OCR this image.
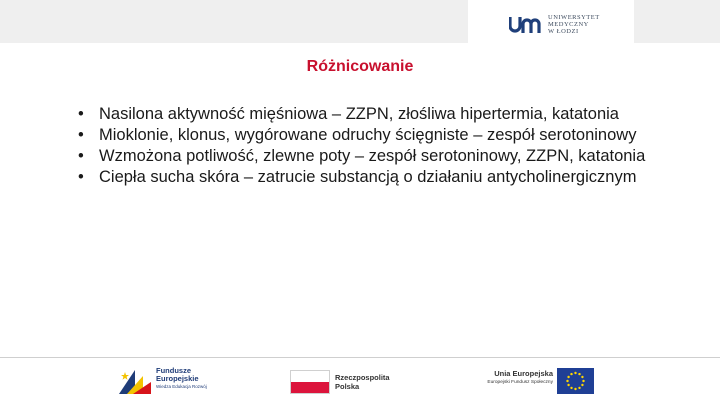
UNIWERSYTET
MEDYCZNY
W ŁODZI
Różnicowanie
• Nasilona aktywność mięśniowa – ZZPN, złośliwa hipertermia, katatonia
• Mioklonie, klonus, wygórowane odruchy ścięgniste – zespół serotoninowy
• Wzmożona potliwość, zlewne poty – zespół serotoninowy, ZZPN, katatonia
• Ciepła sucha skóra – zatrucie substancją o działaniu antycholinergicznym
Fundusze
Europejskie
Wiedza Edukacja Rozwój
Rzeczpospolita
Polska
Unia Europejska
Europejski Fundusz Społeczny
